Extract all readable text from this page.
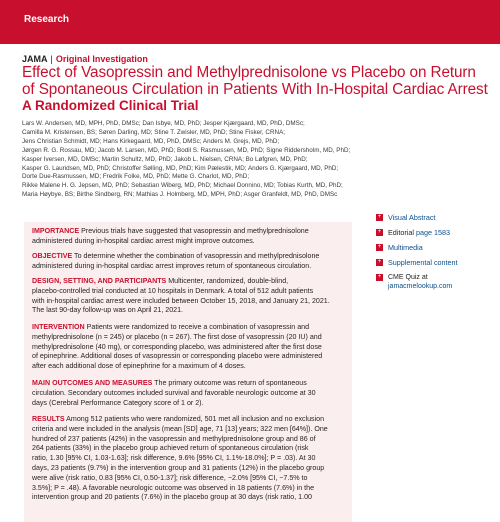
Research
JAMA | Original Investigation
Effect of Vasopressin and Methylprednisolone vs Placebo on Return of Spontaneous Circulation in Patients With In-Hospital Cardiac Arrest
A Randomized Clinical Trial
Lars W. Andersen, MD, MPH, PhD, DMSc; Dan Isbye, MD, PhD; Jesper Kjærgaard, MD, PhD, DMSc;
Camilla M. Kristensen, BS; Søren Darling, MD; Stine T. Zwisler, MD, PhD; Stine Fisker, CRNA;
Jens Christian Schmidt, MD; Hans Kirkegaard, MD, PhD, DMSc; Anders M. Grejs, MD, PhD;
Jørgen R. G. Rossau, MD; Jacob M. Larsen, MD, PhD; Bodil S. Rasmussen, MD, PhD; Signe Riddersholm, MD, PhD;
Kasper Iversen, MD, DMSc; Martin Schultz, MD, PhD; Jakob L. Nielsen, CRNA; Bo Løfgren, MD, PhD;
Kasper G. Lauridsen, MD, PhD; Christoffer Sølling, MD, PhD; Kim Pælestik, MD; Anders G. Kjærgaard, MD, PhD;
Dorte Due-Rasmussen, MD; Fredrik Folke, MD, PhD; Mette G. Charlot, MD, PhD;
Rikke Malene H. G. Jepsen, MD, PhD; Sebastian Wiberg, MD, PhD; Michael Donnino, MD; Tobias Kurth, MD, PhD;
Maria Høybye, BS; Birthe Sindberg, RN; Mathias J. Holmberg, MD, MPH, PhD; Asger Granfeldt, MD, PhD, DMSc
IMPORTANCE Previous trials have suggested that vasopressin and methylprednisolone
administered during in-hospital cardiac arrest might improve outcomes.
OBJECTIVE To determine whether the combination of vasopressin and methylprednisolone
administered during in-hospital cardiac arrest improves return of spontaneous circulation.
DESIGN, SETTING, AND PARTICIPANTS Multicenter, randomized, double-blind,
placebo-controlled trial conducted at 10 hospitals in Denmark. A total of 512 adult patients
with in-hospital cardiac arrest were included between October 15, 2018, and January 21, 2021.
The last 90-day follow-up was on April 21, 2021.
INTERVENTION Patients were randomized to receive a combination of vasopressin and
methylprednisolone (n = 245) or placebo (n = 267). The first dose of vasopressin (20 IU) and
methylprednisolone (40 mg), or corresponding placebo, was administered after the first dose
of epinephrine. Additional doses of vasopressin or corresponding placebo were administered
after each additional dose of epinephrine for a maximum of 4 doses.
MAIN OUTCOMES AND MEASURES The primary outcome was return of spontaneous
circulation. Secondary outcomes included survival and favorable neurologic outcome at 30
days (Cerebral Performance Category score of 1 or 2).
RESULTS Among 512 patients who were randomized, 501 met all inclusion and no exclusion
criteria and were included in the analysis (mean [SD] age, 71 [13] years; 322 men [64%]). One
hundred of 237 patients (42%) in the vasopressin and methylprednisolone group and 86 of
264 patients (33%) in the placebo group achieved return of spontaneous circulation (risk
ratio, 1.30 [95% CI, 1.03-1.63]; risk difference, 9.6% [95% CI, 1.1%-18.0%]; P = .03). At 30
days, 23 patients (9.7%) in the intervention group and 31 patients (12%) in the placebo group
were alive (risk ratio, 0.83 [95% CI, 0.50-1.37]; risk difference, −2.0% [95% CI, −7.5% to
3.5%]; P = .48). A favorable neurologic outcome was observed in 18 patients (7.6%) in the
intervention group and 20 patients (7.6%) in the placebo group at 30 days (risk ratio, 1.00
+ Visual Abstract
+ Editorial page 1583
+ Multimedia
+ Supplemental content
+ CME Quiz at
jamacmelookup.com
